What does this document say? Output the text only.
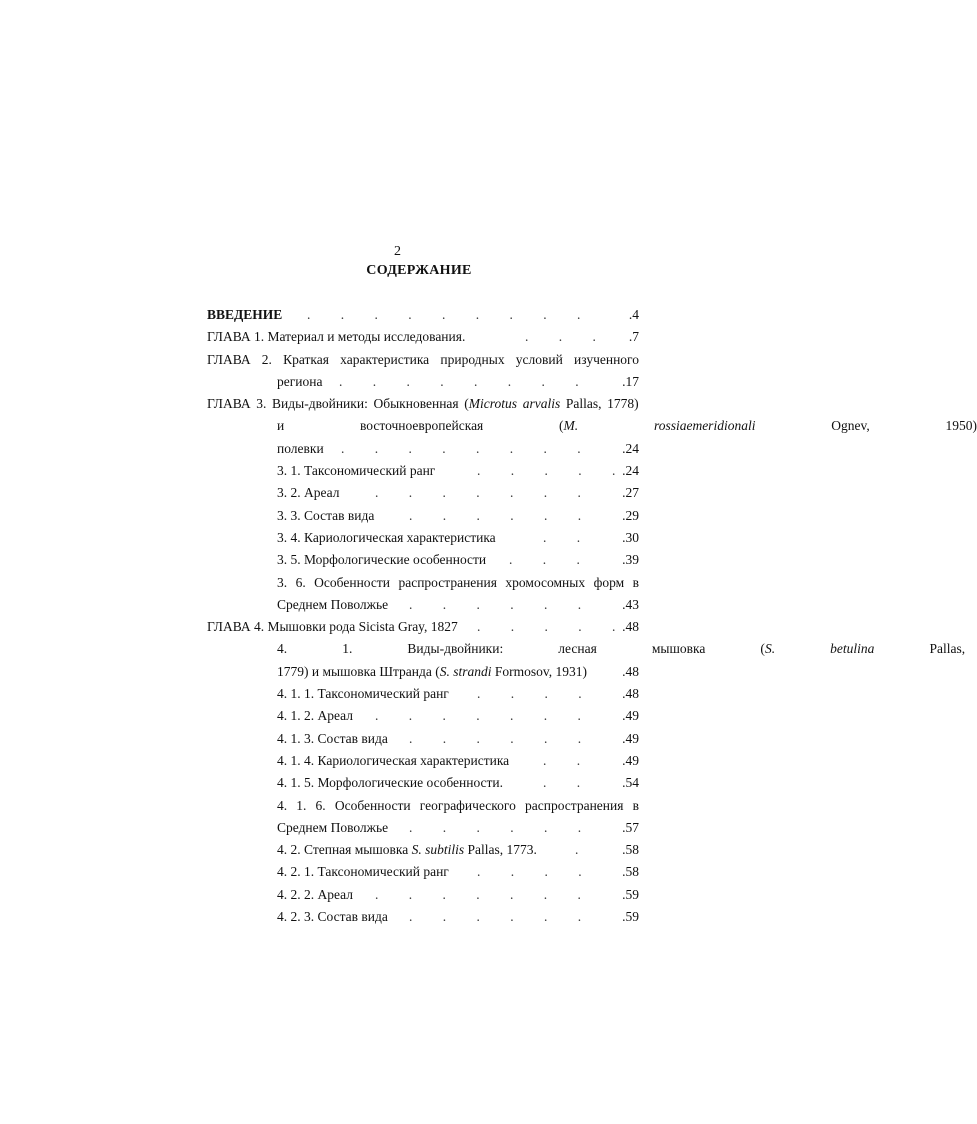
2
СОДЕРЖАНИЕ
ВВЕДЕНИЕ .         .         .         .         .         .         .         .         .	.4
ГЛАВА 1. Материал и методы исследования.	.         .         . .7
ГЛАВА 2. Краткая характеристика природных условий изученного
региона .         .         .         .         .         .         .         .	.17
ГЛАВА 3. Виды-двойники: Обыкновенная (Microtus arvalis Pallas, 1778)
и восточноевропейская (M. rossiaemeridionali Ognev, 1950)
полевки .         .         .         .         .         .         .         .	.24
3. 1. Таксономический ранг	.         .         .         .         . .24
3. 2. Ареал	.         .         .         .         .         .         .	.27
3. 3. Состав вида	.         .         .         .         .         .	.29
3. 4. Кариологическая характеристика	.         .	.30
3. 5. Морфологические особенности .         .         .	.39
3. 6. Особенности распространения хромосомных форм в
Среднем Поволжье .         .         .         .         .         .	.43
ГЛАВА 4. Мышовки рода Sicista Gray, 1827 .         .         .         .         . .48
4. 1. Виды-двойники: лесная мышовка (S. betulina Pallas,
1779) и мышовка Штранда (S. strandi Formosov, 1931)	.48
4. 1. 1. Таксономический ранг .         .         .         .	.48
4. 1. 2. Ареал .         .         .         .         .         .         .	.49
4. 1. 3. Состав вида .         .         .         .         .         .	.49
4. 1. 4. Кариологическая характеристика	.         .	.49
4. 1. 5. Морфологические особенности.	.         .	.54
4. 1. 6. Особенности географического распространения в
Среднем Поволжье .         .         .         .         .         .	.57
4. 2. Степная мышовка S. subtilis Pallas, 1773.	.	.58
4. 2. 1. Таксономический ранг .         .         .         .	.58
4. 2. 2. Ареал .         .         .         .         .         .         .	.59
4. 2. 3. Состав вида .         .         .         .         .         .	.59
